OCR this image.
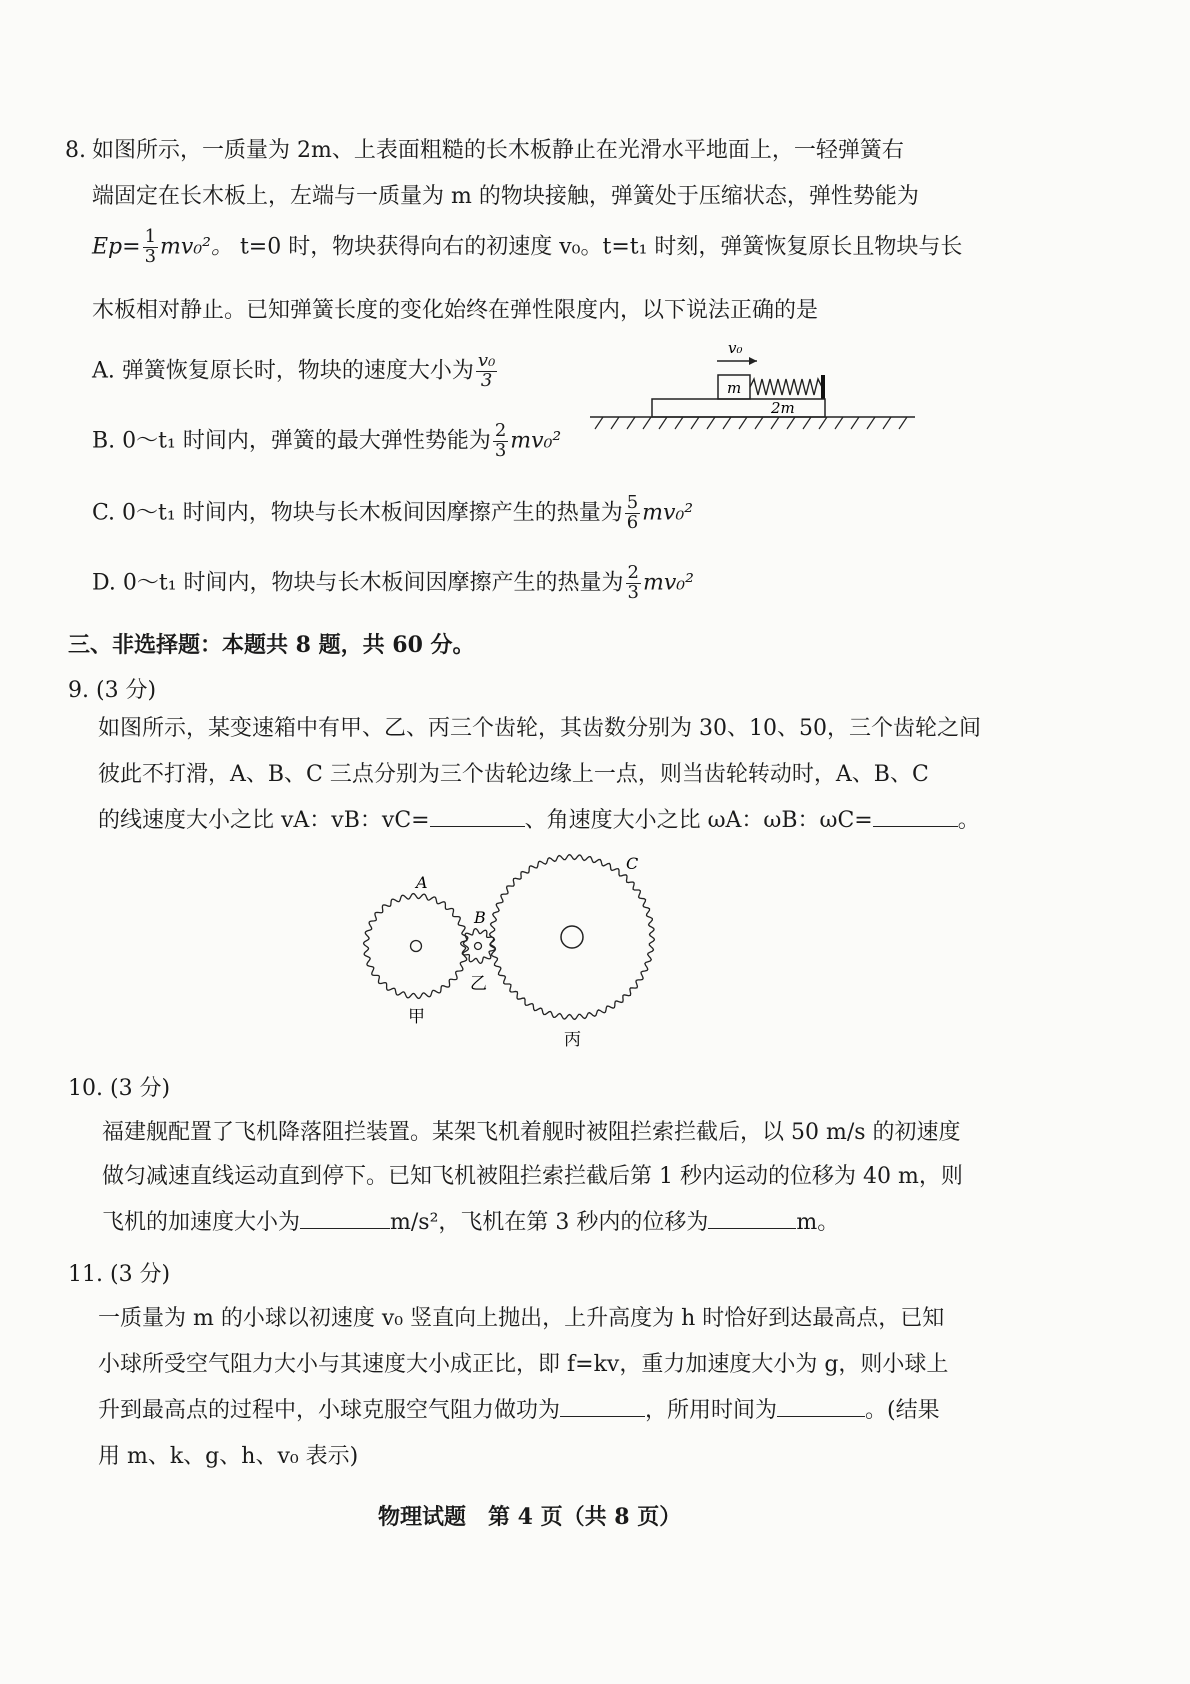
8. 如图所示，一质量为 2m、上表面粗糙的长木板静止在光滑水平地面上，一轻弹簧右
端固定在长木板上，左端与一质量为 m 的物块接触，弹簧处于压缩状态，弹性势能为
$Ep= \frac{1}{3} mv_0^2$。 t=0 时，物块获得向右的初速度 v₀。t=t₁ 时刻，弹簧恢复原长且物块与长
木板相对静止。已知弹簧长度的变化始终在弹性限度内，以下说法正确的是
A. 弹簧恢复原长时，物块的速度大小为 $\frac{\text{v₀}}{3}$
B. 0～t₁ 时间内，弹簧的最大弹性势能为 $\frac{2}{3} mv_0^2$
C. 0～t₁ 时间内，物块与长木板间因摩擦产生的热量为 $\frac{5}{6} mv_0^2$
D. 0～t₁ 时间内，物块与长木板间因摩擦产生的热量为 $\frac{2}{3} mv_0^2$
v₀
m
2m
三、非选择题：本题共 8 题，共 60 分。
9. (3 分)
如图所示，某变速箱中有甲、乙、丙三个齿轮，其齿数分别为 30、10、50，三个齿轮之间
彼此不打滑，A、B、C 三点分别为三个齿轮边缘上一点，则当齿轮转动时，A、B、C
的线速度大小之比 vA：vB：vC=	、角速度大小之比 ωA：ωB：ωC=	。
A
B
C
甲
乙
丙
10. (3 分)
福建舰配置了飞机降落阻拦装置。某架飞机着舰时被阻拦索拦截后，以 50 m/s 的初速度
做匀减速直线运动直到停下。已知飞机被阻拦索拦截后第 1 秒内运动的位移为 40 m，则
飞机的加速度大小为	m/s²，飞机在第 3 秒内的位移为	m。
11. (3 分)
一质量为 m 的小球以初速度 v₀ 竖直向上抛出，上升高度为 h 时恰好到达最高点，已知
小球所受空气阻力大小与其速度大小成正比，即 f=kv，重力加速度大小为 g，则小球上
升到最高点的过程中，小球克服空气阻力做功为	，所用时间为	。(结果
用 m、k、g、h、v₀ 表示)
物理试题　第 4 页（共 8 页）
